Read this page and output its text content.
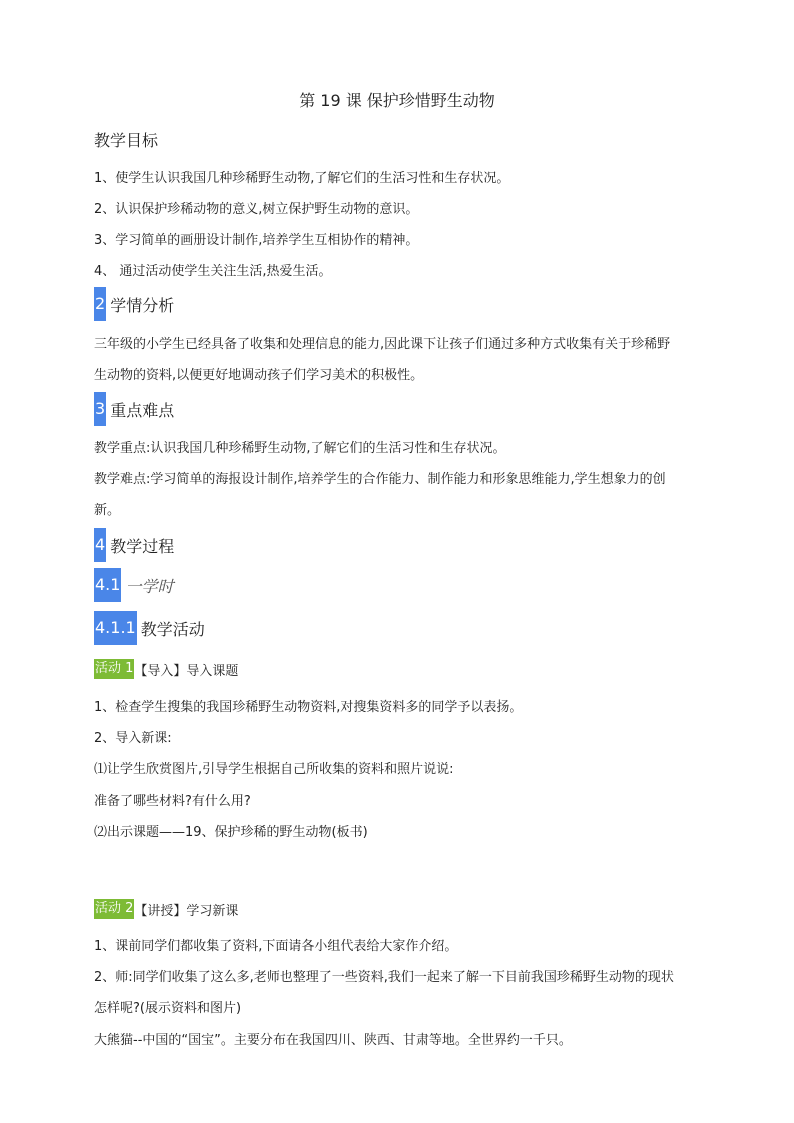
第 19 课 保护珍惜野生动物
教学目标
1、使学生认识我国几种珍稀野生动物,了解它们的生活习性和生存状况。
2、认识保护珍稀动物的意义,树立保护野生动物的意识。
3、学习简单的画册设计制作,培养学生互相协作的精神。
4、 通过活动使学生关注生活,热爱生活。
2 学情分析
三年级的小学生已经具备了收集和处理信息的能力,因此课下让孩子们通过多种方式收集有关于珍稀野
生动物的资料,以便更好地调动孩子们学习美术的积极性。
3 重点难点
教学重点:认识我国几种珍稀野生动物,了解它们的生活习性和生存状况。
教学难点:学习简单的海报设计制作,培养学生的合作能力、制作能力和形象思维能力,学生想象力的创
新。
4 教学过程
4.1 一学时
4.1.1 教学活动
活动 1 【导入】导入课题
1、检查学生搜集的我国珍稀野生动物资料,对搜集资料多的同学予以表扬。
2、导入新课:
⑴让学生欣赏图片,引导学生根据自己所收集的资料和照片说说:
准备了哪些材料?有什么用?
⑵出示课题——19、保护珍稀的野生动物(板书)
活动 2 【讲授】学习新课
1、课前同学们都收集了资料,下面请各小组代表给大家作介绍。
2、师:同学们收集了这么多,老师也整理了一些资料,我们一起来了解一下目前我国珍稀野生动物的现状
怎样呢?(展示资料和图片)
大熊猫--中国的“国宝”。主要分布在我国四川、陕西、甘肃等地。全世界约一千只。
